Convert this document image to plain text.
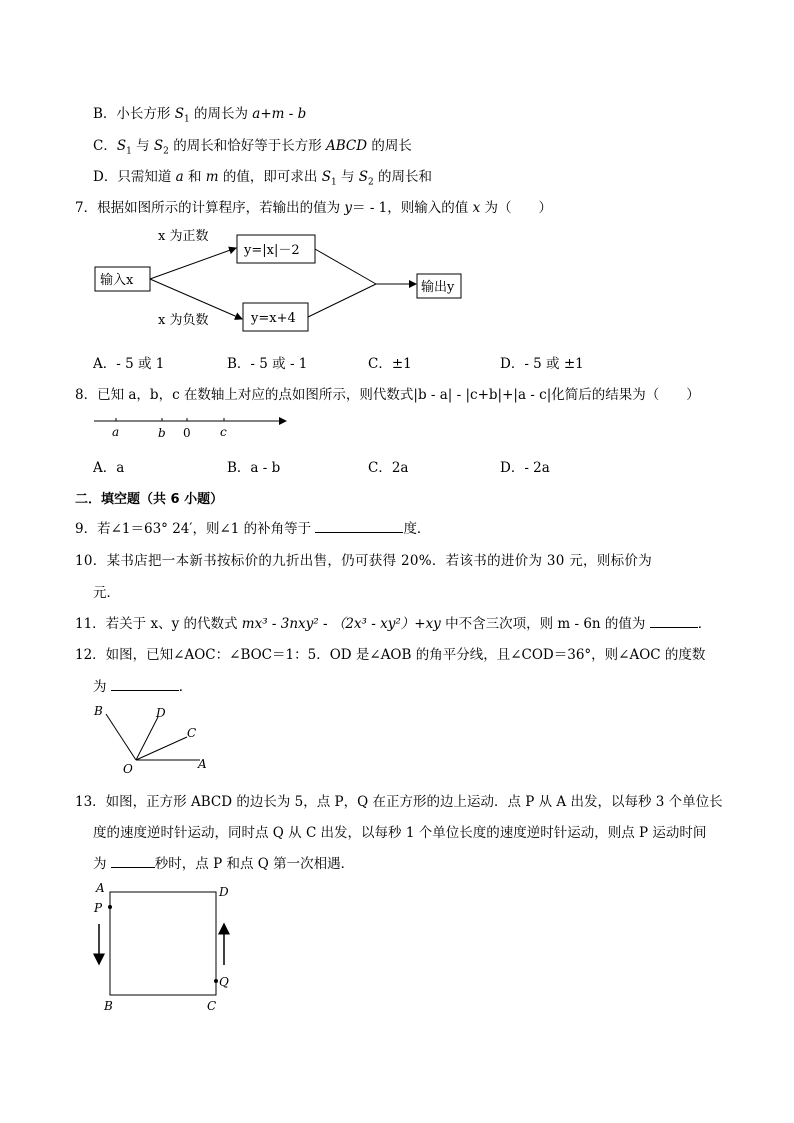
B．小长方形 $S_1$ 的周长为 a+m - b
C．$S_1$ 与 $S_2$ 的周长和恰好等于长方形 ABCD 的周长
D．只需知道 a 和 m 的值，即可求出 $S_1$ 与 $S_2$ 的周长和
7．根据如图所示的计算程序，若输出的值为 y＝ - 1，则输入的值 x 为（　　）
输入x
x 为正数
x 为负数
y=|x|－2
y=x+4
输出y
A．- 5 或 1	B．- 5 或 - 1	C．±1	D．- 5 或 ±1
8．已知 a，b，c 在数轴上对应的点如图所示，则代数式|b - a| - |c+b|+|a - c|化简后的结果为（　　）
a	b 0 c
A．a	B．a - b	C．2a	D．- 2a
二．填空题（共 6 小题）
9．若∠1＝63° 24′，则∠1 的补角等于	度．
10．某书店把一本新书按标价的九折出售，仍可获得 20%．若该书的进价为 30 元，则标价为
元．
11．若关于 x、y 的代数式 mx³ - 3nxy² - （2x³ - xy²）+xy 中不含三次项，则 m - 6n 的值为	．
12．如图，已知∠AOC：∠BOC＝1：5．OD 是∠AOB 的角平分线，且∠COD＝36°，则∠AOC 的度数
为	．
B	D
C
O	A
13．如图，正方形 ABCD 的边长为 5，点 P，Q 在正方形的边上运动．点 P 从 A 出发，以每秒 3 个单位长
度的速度逆时针运动，同时点 Q 从 C 出发，以每秒 1 个单位长度的速度逆时针运动，则点 P 运动时间
为	秒时，点 P 和点 Q 第一次相遇．
A	D
P
Q
B	C
